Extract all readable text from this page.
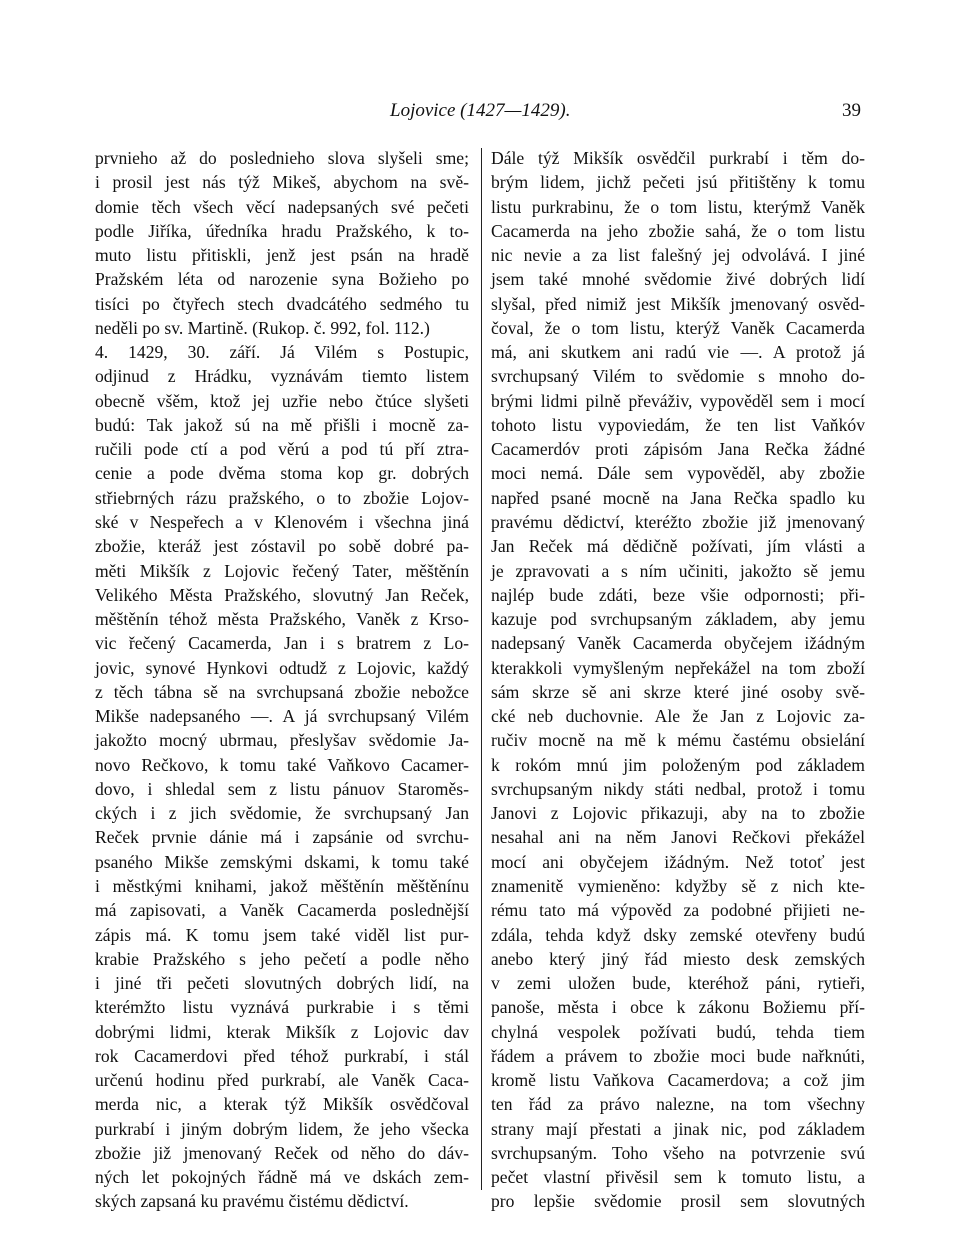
Lojovice (1427—1429).	39
prvnieho až do poslednieho slova slyšeli sme;
i prosil jest nás týž Mikeš, abychom na svě-
domie těch všech věcí nadepsaných své pečeti
podle Jiříka, úředníka hradu Pražského, k to-
muto listu přitiskli, jenž jest psán na hradě
Pražském léta od narozenie syna Božieho po
tisíci po čtyřech stech dvadcátého sedmého tu
neděli po sv. Martině. (Rukop. č. 992, fol. 112.)
4. 1429, 30. září. Já Vilém s Postupic,
odjinud z Hrádku, vyznávám tiemto listem
obecně všěm, ktož jej uzřie nebo čtúce slyšeti
budú: Tak jakož sú na mě přišli i mocně za-
ručili pode ctí a pod věrú a pod tú pří ztra-
cenie a pode dvěma stoma kop gr. dobrých
střiebrných rázu pražského, o to zbožie Lojov-
ské v Nespeřech a v Klenovém i všechna jiná
zbožie, kteráž jest zóstavil po sobě dobré pa-
měti Mikšík z Lojovic řečený Tater, měštěnín
Velikého Města Pražského, slovutný Jan Reček,
měštěnín téhož města Pražského, Vaněk z Krso-
vic řečený Cacamerda, Jan i s bratrem z Lo-
jovic, synové Hynkovi odtudž z Lojovic, každý
z těch tábna sě na svrchupsaná zbožie nebožce
Mikše nadepsaného —. A já svrchupsaný Vilém
jakožto mocný ubrmau, přeslyšav svědomie Ja-
novo Rečkovo, k tomu také Vaňkovo Cacamer-
dovo, i shledal sem z listu pánuov Staroměs-
ckých i z jich svědomie, že svrchupsaný Jan
Reček prvnie dánie má i zapsánie od svrchu-
psaného Mikše zemskými dskami, k tomu také
i městkými knihami, jakož měštěnín měštěnínu
má zapisovati, a Vaněk Cacamerda poslednější
zápis má. K tomu jsem také viděl list pur-
krabie Pražského s jeho pečetí a podle něho
i jiné tři pečeti slovutných dobrých lidí, na
kterémžto listu vyznává purkrabie i s těmi
dobrými lidmi, kterak Mikšík z Lojovic dav
rok Cacamerdovi před téhož purkrabí, i stál
určenú hodinu před purkrabí, ale Vaněk Caca-
merda nic, a kterak týž Mikšík osvědčoval
purkrabí i jiným dobrým lidem, že jeho všecka
zbožie již jmenovaný Reček od něho do dáv-
ných let pokojných řádně má ve dskách zem-
ských zapsaná ku pravému čistému dědictví.
Dále týž Mikšík osvědčil purkrabí i těm do-
brým lidem, jichž pečeti jsú přitištěny k tomu
listu purkrabinu, že o tom listu, kterýmž Vaněk
Cacamerda na jeho zbožie sahá, že o tom listu
nic nevie a za list falešný jej odvolává. I jiné
jsem také mnohé svědomie živé dobrých lidí
slyšal, před nimiž jest Mikšík jmenovaný osvěd-
čoval, že o tom listu, kterýž Vaněk Cacamerda
má, ani skutkem ani radú vie —. A protož já
svrchupsaný Vilém to svědomie s mnoho do-
brými lidmi pilně převáživ, vypověděl sem i mocí
tohoto listu vypoviedám, že ten list Vaňkóv
Cacamerdóv proti zápisóm Jana Rečka žádné
moci nemá. Dále sem vypověděl, aby zbožie
napřed psané mocně na Jana Rečka spadlo ku
pravému dědictví, kteréžto zbožie již jmenovaný
Jan Reček má dědičně požívati, jím vlásti a
je zpravovati a s ním učiniti, jakožto sě jemu
najlép bude zdáti, beze všie odpornosti; při-
kazuje pod svrchupsaným základem, aby jemu
nadepsaný Vaněk Cacamerda obyčejem ižádným
kterakkoli vymyšleným nepřekážel na tom zboží
sám skrze sě ani skrze které jiné osoby svě-
cké neb duchovnie. Ale že Jan z Lojovic za-
ručiv mocně na mě k mému častému obsielání
k rokóm mnú jim položeným pod základem
svrchupsaným nikdy státi nedbal, protož i tomu
Janovi z Lojovic přikazuji, aby na to zbožie
nesahal ani na něm Janovi Rečkovi překážel
mocí ani obyčejem ižádným. Než totoť jest
znamenitě vymieněno: kdyžby sě z nich kte-
rému tato má výpověd za podobné přijieti ne-
zdála, tehda když dsky zemské otevřeny budú
anebo který jiný řád miesto desk zemských
v zemi uložen bude, kteréhož páni, rytieři,
panoše, města i obce k zákonu Božiemu pří-
chylná vespolek požívati budú, tehda tiem
řádem a právem to zbožie moci bude nařknúti,
kromě listu Vaňkova Cacamerdova; a což jim
ten řád za právo nalezne, na tom všechny
strany mají přestati a jinak nic, pod základem
svrchupsaným. Toho všeho na potvrzenie svú
pečet vlastní přivěsil sem k tomuto listu, a
pro lepšie svědomie prosil sem slovutných
